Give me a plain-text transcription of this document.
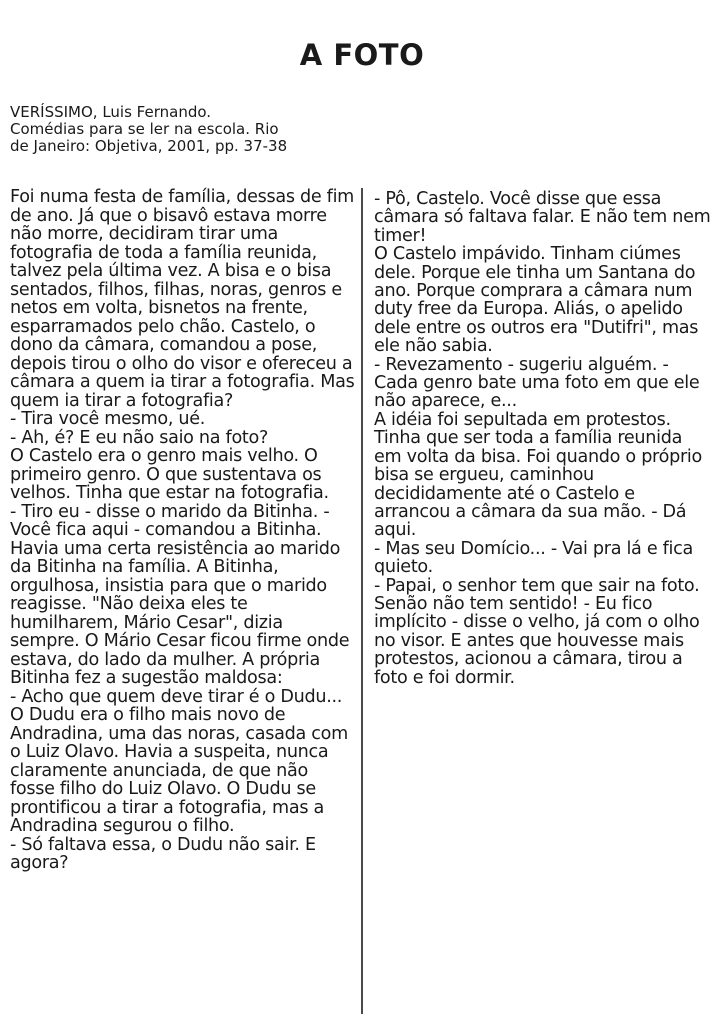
A FOTO
VERÍSSIMO, Luis Fernando.
Comédias para se ler na escola. Rio
de Janeiro: Objetiva, 2001, pp. 37-38

Foi numa festa de família, dessas de fim de ano. Já que o bisavô estava morre não morre, decidiram tirar uma fotografia de toda a família reunida, talvez pela última vez. A bisa e o bisa sentados, filhos, filhas, noras, genros e netos em volta, bisnetos na frente, esparramados pelo chão. Castelo, o dono da câmara, comandou a pose, depois tirou o olho do visor e ofereceu a câmara a quem ia tirar a fotografia. Mas quem ia tirar a fotografia?

- Tira você mesmo, ué.

- Ah, é? E eu não saio na foto?

O Castelo era o genro mais velho. O primeiro genro. O que sustentava os velhos. Tinha que estar na fotografia.

- Tiro eu - disse o marido da Bitinha. - Você fica aqui - comandou a Bitinha. Havia uma certa resistência ao marido da Bitinha na família. A Bitinha, orgulhosa, insistia para que o marido reagisse. "Não deixa eles te humilharem, Mário Cesar", dizia sempre. O Mário Cesar ficou firme onde estava, do lado da mulher. A própria Bitinha fez a sugestão maldosa:

- Acho que quem deve tirar é o Dudu...

O Dudu era o filho mais novo de Andradina, uma das noras, casada com o Luiz Olavo. Havia a suspeita, nunca claramente anunciada, de que não fosse filho do Luiz Olavo. O Dudu se prontificou a tirar a fotografia, mas a Andradina segurou o filho.

- Só faltava essa, o Dudu não sair. E agora?

- Pô, Castelo. Você disse que essa câmara só faltava falar. E não tem nem timer!

O Castelo impávido. Tinham ciúmes dele. Porque ele tinha um Santana do ano. Porque comprara a câmara num duty free da Europa. Aliás, o apelido dele entre os outros era "Dutifri", mas ele não sabia.

- Revezamento - sugeriu alguém. - Cada genro bate uma foto em que ele não aparece, e...

A idéia foi sepultada em protestos. Tinha que ser toda a família reunida em volta da bisa. Foi quando o próprio bisa se ergueu, caminhou decididamente até o Castelo e arrancou a câmara da sua mão. - Dá aqui.

- Mas seu Domício... - Vai pra lá e fica quieto.

- Papai, o senhor tem que sair na foto. Senão não tem sentido! - Eu fico implícito - disse o velho, já com o olho no visor. E antes que houvesse mais protestos, acionou a câmara, tirou a foto e foi dormir.
